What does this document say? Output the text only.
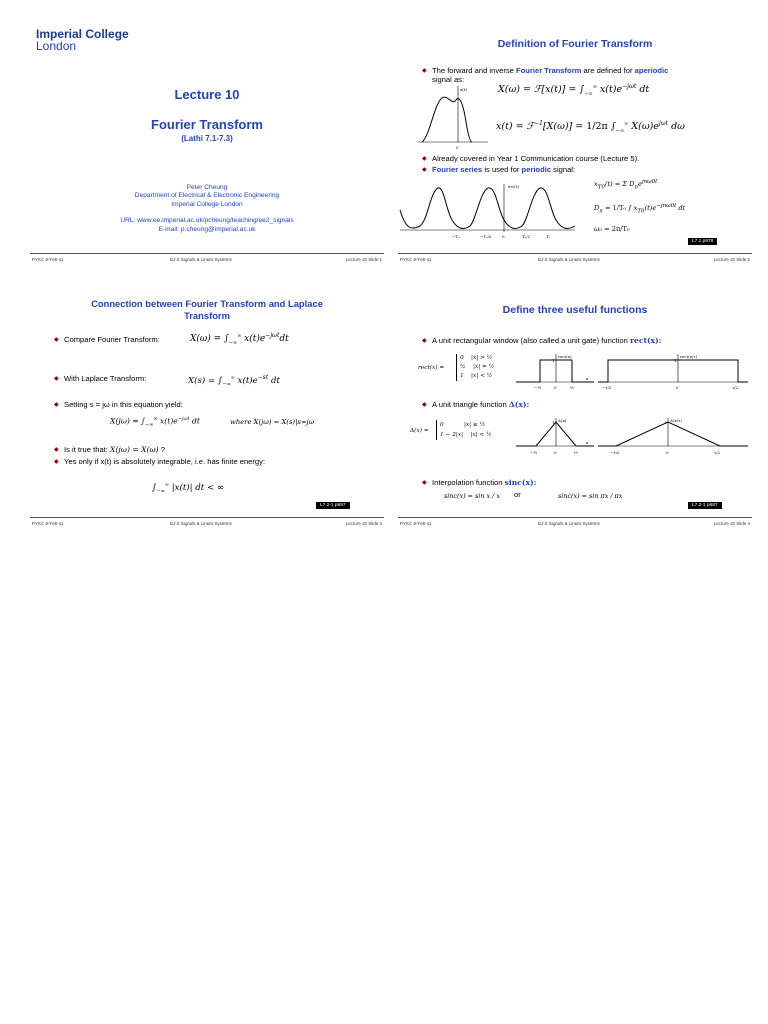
Imperial College
London
Lecture 10
Fourier Transform
(Lathi 7.1-7.3)
Peter Cheung
Department of Electrical & Electronic Engineering
Imperial College London
URL: www.ee.imperial.ac.uk/pcheung/teaching/ee2_signals
E-mail: p.cheung@imperial.ac.uk
PYKC 8-Feb-11	E2.5 Signals & Linear Systems	Lecture 10 Slide 1
Definition of Fourier Transform
◆ The forward and inverse Fourier Transform are defined for aperiodic
signal as:
x(t)
0
X(ω) = ℱ[x(t)] = $\int_{-\infty}^\infty$ $x(t)e^{-j\omega t}$ dt
x(t) = ℱ$^{-1}$[X(ω)] = 1/2π $\int_{-\infty}^\infty$ $X(\omega)e^{j\omega t}$ dω
◆ Already covered in Year 1 Communication course (Lecture 5).
◆ Fourier series is used for periodic signal:
xT0(t)
−T₀	−T₀/2	0	T₀/2	T₀
$x_{T0}(t) = \Sigma$ $D_ne^{jn\omega 0t}$
$D_n = 1/T_0$ ∫ $x_{T0}(t)e^{-jn\omega 0t}$ dt
ω₀ = 2π/T₀
L7.1 p678
PYKC 8-Feb-11	E2.5 Signals & Linear Systems	Lecture 10 Slide 2
Connection between Fourier Transform and Laplace
Transform
◆ Compare Fourier Transform:	$X(\omega) = \int_{-\infty}^\infty$ $x(t)e^{-j\omega t}dt$
◆ With Laplace Transform:	$X(s) = \int_{-\infty}^\infty$ $x(t)e^{-st}$ dt
◆ Setting s = jω in this equation yield:
$X(j\omega) = \int_{-\infty}^\infty$ $x(t)e^{-j\omega t}$ dt	where X(jω) = X(s)|s=jω
◆ Is it true that: X(jω) = X(ω) ?
◆ Yes only if x(t) is absolutely integrable, i.e. has finite energy:
$\int_{-\infty}^\infty$ |x(t)| dt < ∞
L7.2-1 p697
PYKC 8-Feb-11	E2.5 Signals & Linear Systems	Lecture 10 Slide 3
Define three useful functions
◆ A unit rectangular window (also called a unit gate) function rect(x):
rect(x) =
0    |x| > ½
½    |x| = ½
1    |x| < ½
rect(x)
1
−½	0	½
x
rect(x/τ)
1
−τ/2	0	τ/2
◆ A unit triangle function Δ(x):
Δ(x) =
0           |x| ≥ ½
1 − 2|x|    |x| < ½
Δ(x)
1
−½	0	½
x
Δ(x/τ)
1
−τ/2	0	τ/2
◆ Interpolation function sinc(x):
sinc(x) = sin x / x or	sinc(x) = sin πx / πx
L7.2-1 p687
PYKC 8-Feb-11	E2.5 Signals & Linear Systems	Lecture 10 Slide 4
